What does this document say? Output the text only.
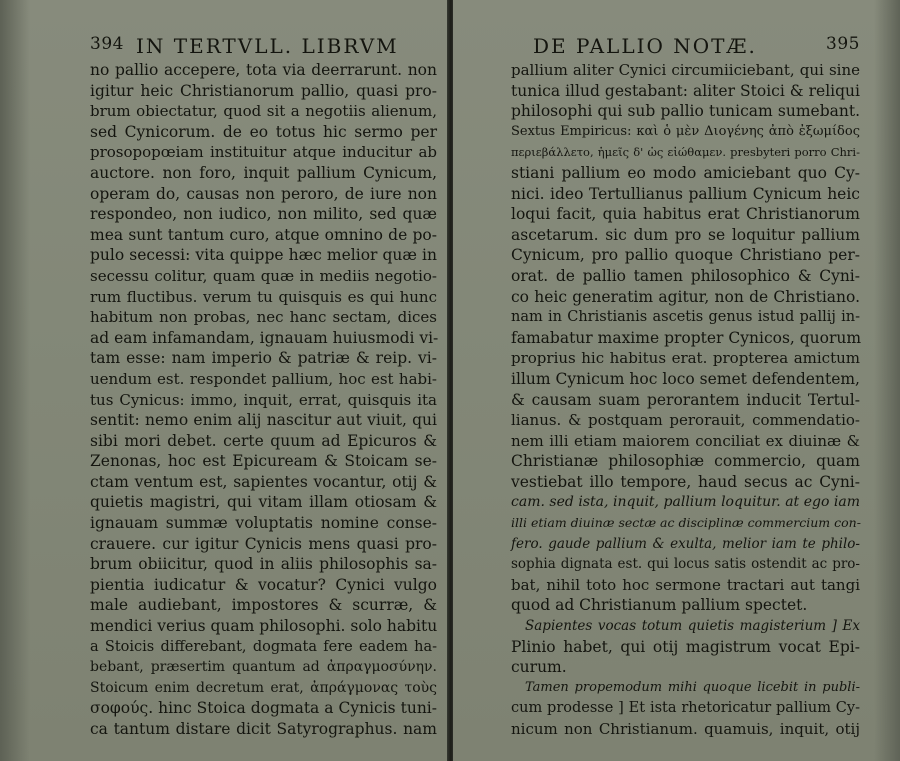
394 IN TERTVLL. LIBRVM
no pallio accepere, tota via deerrarunt. non
igitur heic Christianorum pallio, quasi pro-
brum obiectatur, quod sit a negotiis alienum,
sed Cynicorum. de eo totus hic sermo per
prosopopœiam instituitur atque inducitur ab
auctore. non foro, inquit pallium Cynicum,
operam do, causas non peroro, de iure non
respondeo, non iudico, non milito, sed quæ
mea sunt tantum curo, atque omnino de po-
pulo secessi: vita quippe hæc melior quæ in
secessu colitur, quam quæ in mediis negotio-
rum fluctibus. verum tu quisquis es qui hunc
habitum non probas, nec hanc sectam, dices
ad eam infamandam, ignauam huiusmodi vi-
tam esse: nam imperio & patriæ & reip. vi-
uendum est. respondet pallium, hoc est habi-
tus Cynicus: immo, inquit, errat, quisquis ita
sentit: nemo enim alij nascitur aut viuit, qui
sibi mori debet. certe quum ad Epicuros &
Zenonas, hoc est Epicuream & Stoicam se-
ctam ventum est, sapientes vocantur, otij &
quietis magistri, qui vitam illam otiosam &
ignauam summæ voluptatis nomine conse-
crauere. cur igitur Cynicis mens quasi pro-
brum obiicitur, quod in aliis philosophis sa-
pientia iudicatur & vocatur? Cynici vulgo
male audiebant, impostores & scurræ, &
mendici verius quam philosophi. solo habitu
a Stoicis differebant, dogmata fere eadem ha-
bebant, præsertim quantum ad ἀπραγμοσύνην.
Stoicum enim decretum erat, ἀπράγμονας τοὺς
σοφούς. hinc Stoica dogmata a Cynicis tuni-
ca tantum distare dicit Satyrographus. nam
DE PALLIO NOTÆ.	395
pallium aliter Cynici circumiiciebant, qui sine
tunica illud gestabant: aliter Stoici & reliqui
philosophi qui sub pallio tunicam sumebant.
Sextus Empiricus: καὶ ὁ μὲν Διογένης ἀπὸ ἐξωμίδος
περιεβάλλετο, ἡμεῖς δ' ὡς εἰώθαμεν. presbyteri porro Chri-
stiani pallium eo modo amiciebant quo Cy-
nici. ideo Tertullianus pallium Cynicum heic
loqui facit, quia habitus erat Christianorum
ascetarum. sic dum pro se loquitur pallium
Cynicum, pro pallio quoque Christiano per-
orat. de pallio tamen philosophico & Cyni-
co heic generatim agitur, non de Christiano.
nam in Christianis ascetis genus istud pallij in-
famabatur maxime propter Cynicos, quorum
proprius hic habitus erat. propterea amictum
illum Cynicum hoc loco semet defendentem,
& causam suam perorantem inducit Tertul-
lianus. & postquam perorauit, commendatio-
nem illi etiam maiorem conciliat ex diuinæ &
Christianæ philosophiæ commercio, quam
vestiebat illo tempore, haud secus ac Cyni-
cam. sed ista, inquit, pallium loquitur. at ego iam
illi etiam diuinæ sectæ ac disciplinæ commercium con-
fero. gaude pallium & exulta, melior iam te philo-
sophia dignata est. qui locus satis ostendit ac pro-
bat, nihil toto hoc sermone tractari aut tangi
quod ad Christianum pallium spectet.
Sapientes vocas totum quietis magisterium ] Ex
Plinio habet, qui otij magistrum vocat Epi-
curum.
Tamen propemodum mihi quoque licebit in publi-
cum prodesse ] Et ista rhetoricatur pallium Cy-
nicum non Christianum. quamuis, inquit, otij
